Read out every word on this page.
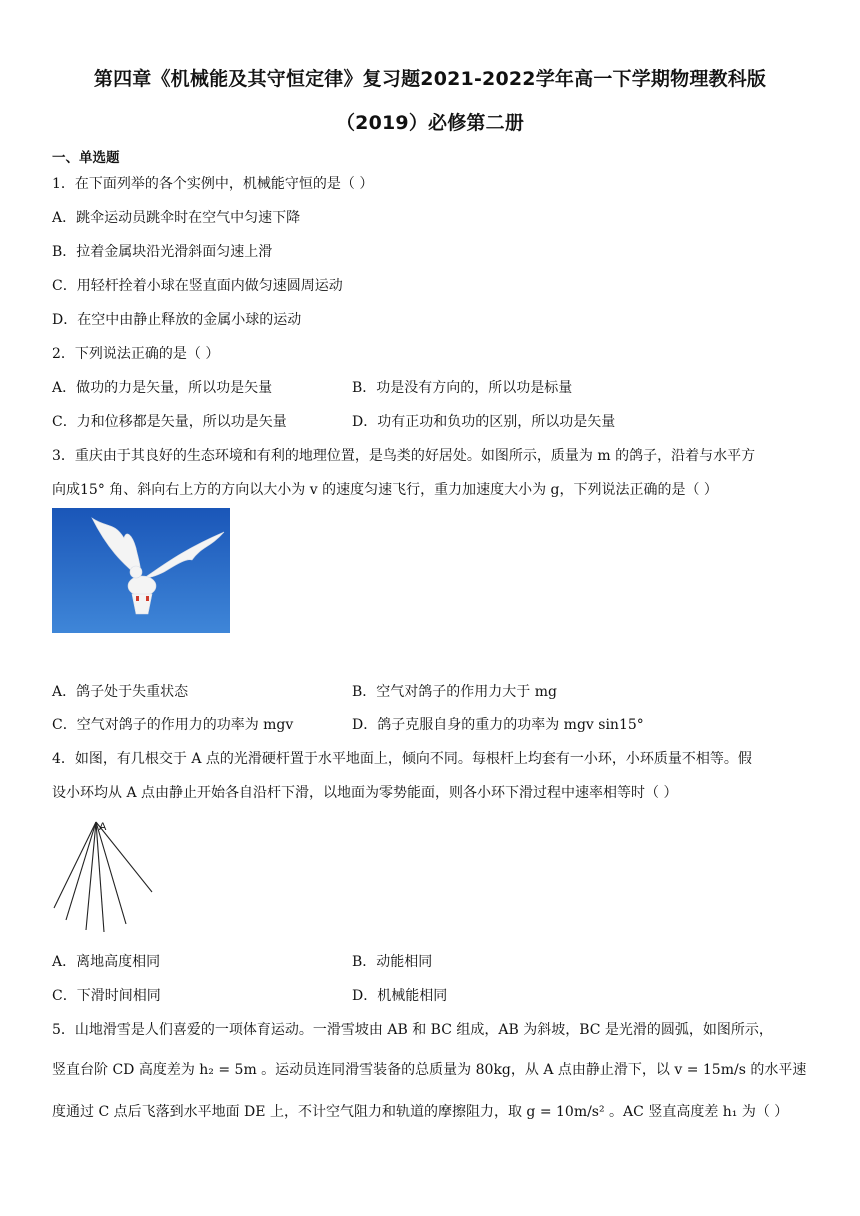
第四章《机械能及其守恒定律》复习题2021-2022学年高一下学期物理教科版
（2019）必修第二册
一、单选题
1．在下面列举的各个实例中，机械能守恒的是（ ）
A．跳伞运动员跳伞时在空气中匀速下降
B．拉着金属块沿光滑斜面匀速上滑
C．用轻杆拴着小球在竖直面内做匀速圆周运动
D．在空中由静止释放的金属小球的运动
2．下列说法正确的是（ ）
A．做功的力是矢量，所以功是矢量	B．功是没有方向的，所以功是标量
C．力和位移都是矢量，所以功是矢量	D．功有正功和负功的区别，所以功是矢量
3．重庆由于其良好的生态环境和有利的地理位置，是鸟类的好居处。如图所示，质量为 m 的鸽子，沿着与水平方
向成15° 角、斜向右上方的方向以大小为 v 的速度匀速飞行，重力加速度大小为 g，下列说法正确的是（ ）
A．鸽子处于失重状态	B．空气对鸽子的作用力大于 mg
C．空气对鸽子的作用力的功率为 mgv	D．鸽子克服自身的重力的功率为 mgv sin15°
4．如图，有几根交于 A 点的光滑硬杆置于水平地面上，倾向不同。每根杆上均套有一小环，小环质量不相等。假
设小环均从 A 点由静止开始各自沿杆下滑，以地面为零势能面，则各小环下滑过程中速率相等时（ ）
A
A．离地高度相同	B．动能相同
C．下滑时间相同	D．机械能相同
5．山地滑雪是人们喜爱的一项体育运动。一滑雪坡由 AB 和 BC 组成，AB 为斜坡，BC 是光滑的圆弧，如图所示，
竖直台阶 CD 高度差为 h₂ = 5m 。运动员连同滑雪装备的总质量为 80kg，从 A 点由静止滑下，以 v = 15m/s 的水平速
度通过 C 点后飞落到水平地面 DE 上，不计空气阻力和轨道的摩擦阻力，取 g = 10m/s² 。AC 竖直高度差 h₁ 为（ ）
